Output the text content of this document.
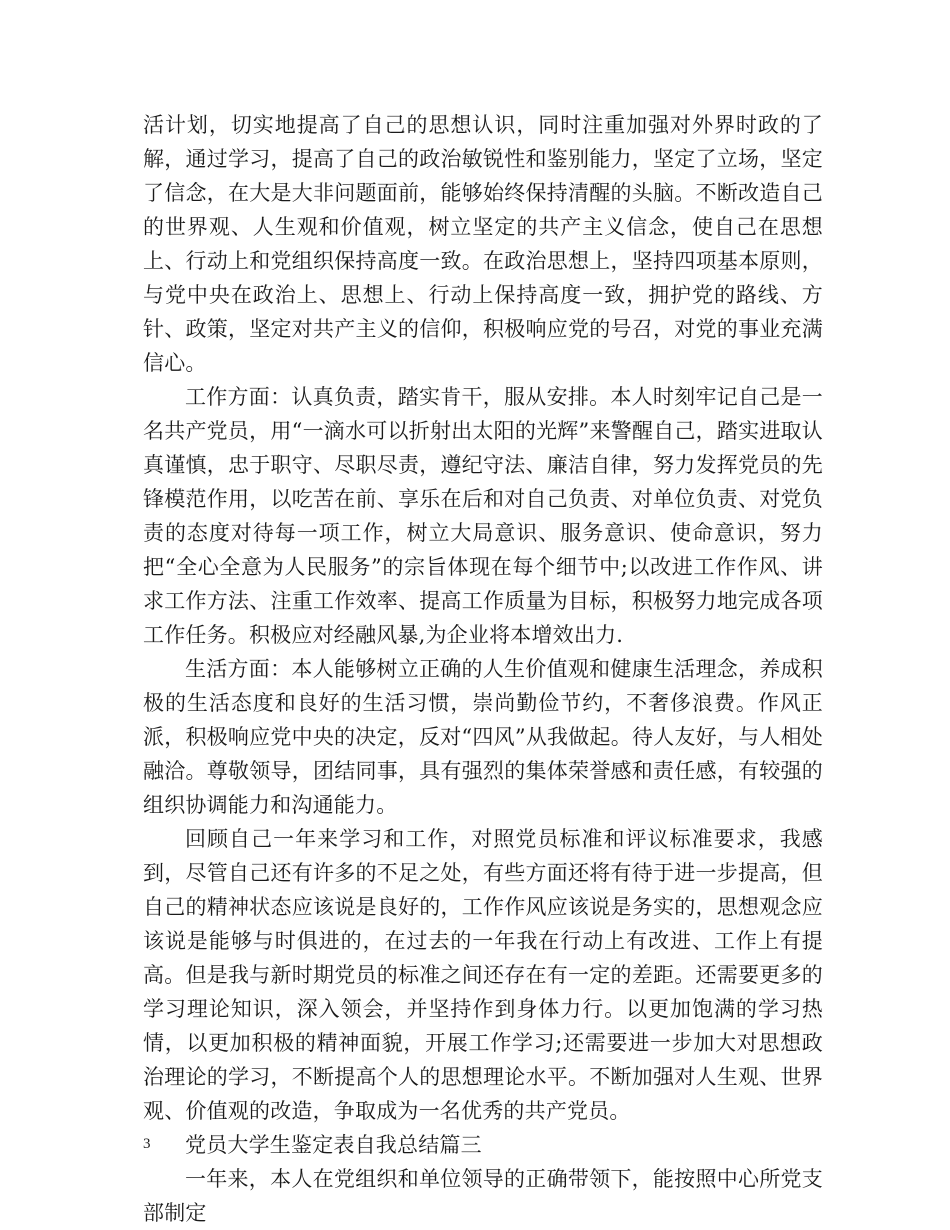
活计划，切实地提高了自己的思想认识，同时注重加强对外界时政的了解，通过学习，提高了自己的政治敏锐性和鉴别能力，坚定了立场，坚定了信念，在大是大非问题面前，能够始终保持清醒的头脑。不断改造自己的世界观、人生观和价值观，树立坚定的共产主义信念，使自己在思想上、行动上和党组织保持高度一致。在政治思想上，坚持四项基本原则，与党中央在政治上、思想上、行动上保持高度一致，拥护党的路线、方针、政策，坚定对共产主义的信仰，积极响应党的号召，对党的事业充满信心。

工作方面：认真负责，踏实肯干，服从安排。本人时刻牢记自己是一名共产党员，用“一滴水可以折射出太阳的光辉”来警醒自己，踏实进取认真谨慎，忠于职守、尽职尽责，遵纪守法、廉洁自律，努力发挥党员的先锋模范作用，以吃苦在前、享乐在后和对自己负责、对单位负责、对党负责的态度对待每一项工作，树立大局意识、服务意识、使命意识，努力把“全心全意为人民服务”的宗旨体现在每个细节中;以改进工作作风、讲求工作方法、注重工作效率、提高工作质量为目标，积极努力地完成各项工作任务。积极应对经融风暴,为企业将本增效出力.

生活方面：本人能够树立正确的人生价值观和健康生活理念，养成积极的生活态度和良好的生活习惯，崇尚勤俭节约，不奢侈浪费。作风正派，积极响应党中央的决定，反对“四风”从我做起。待人友好，与人相处融洽。尊敬领导，团结同事，具有强烈的集体荣誉感和责任感，有较强的组织协调能力和沟通能力。

回顾自己一年来学习和工作，对照党员标准和评议标准要求，我感到，尽管自己还有许多的不足之处，有些方面还将有待于进一步提高，但自己的精神状态应该说是良好的，工作作风应该说是务实的，思想观念应该说是能够与时俱进的，在过去的一年我在行动上有改进、工作上有提高。但是我与新时期党员的标准之间还存在有一定的差距。还需要更多的学习理论知识，深入领会，并坚持作到身体力行。以更加饱满的学习热情，以更加积极的精神面貌，开展工作学习;还需要进一步加大对思想政治理论的学习，不断提高个人的思想理论水平。不断加强对人生观、世界观、价值观的改造，争取成为一名优秀的共产党员。

党员大学生鉴定表自我总结篇三

一年来，本人在党组织和单位领导的正确带领下，能按照中心所党支部制定

3
